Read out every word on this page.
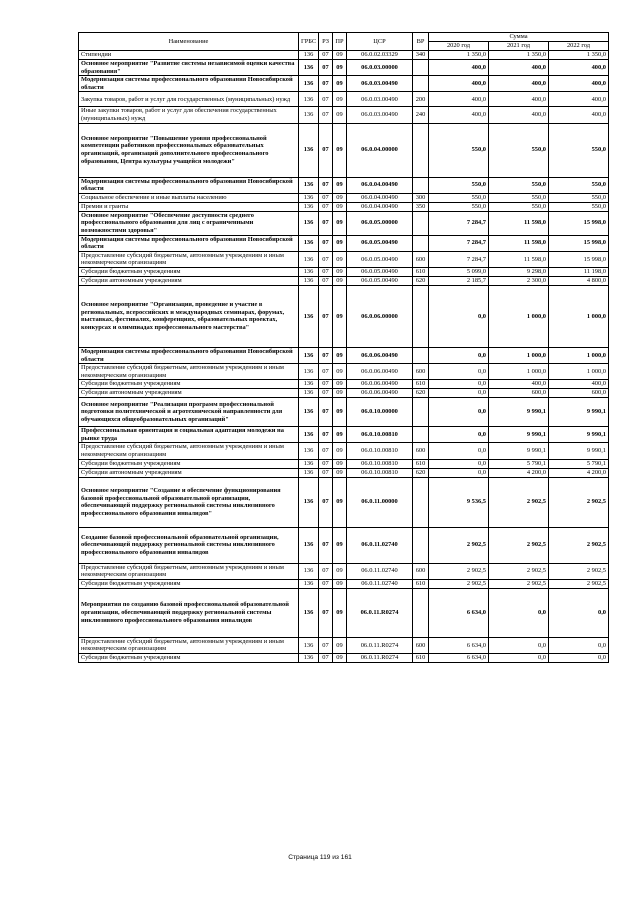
Наименование	ГРБС	РЗ	ПР	ЦСР	ВР	Сумма		
						2020 год	2021 год	2022 год
Стипендии	136	07	09	06.0.02.03329	340	1 350,0	1 350,0	1 350,0
Основное мероприятие "Развитие системы независимой оценки качества образования"	136	07	09	06.0.03.00000		400,0	400,0	400,0
Модернизация системы профессионального образования Новосибирской области	136	07	09	06.0.03.00490		400,0	400,0	400,0
Закупка товаров, работ и услуг для государственных (муниципальных) нужд	136	07	09	06.0.03.00490	200	400,0	400,0	400,0
Иные закупки товаров, работ и услуг для обеспечения государственных (муниципальных) нужд	136	07	09	06.0.03.00490	240	400,0	400,0	400,0
Основное мероприятие "Повышение уровня профессиональной компетенции работников профессиональных образовательных организаций, организаций дополнительного профессионального образования, Центра культуры учащейся молодежи"	136	07	09	06.0.04.00000		550,0	550,0	550,0
Модернизация системы профессионального образования Новосибирской области	136	07	09	06.0.04.00490		550,0	550,0	550,0
Социальное обеспечение и иные выплаты населению	136	07	09	06.0.04.00490	300	550,0	550,0	550,0
Премии и гранты	136	07	09	06.0.04.00490	350	550,0	550,0	550,0
Основное мероприятие "Обеспечение доступности среднего профессионального образования для лиц с ограниченными возможностями здоровья"	136	07	09	06.0.05.00000		7 284,7	11 598,0	15 998,0
Модернизация системы профессионального образования Новосибирской области	136	07	09	06.0.05.00490		7 284,7	11 598,0	15 998,0
Предоставление субсидий бюджетным, автономным учреждениям и иным некоммерческим организациям	136	07	09	06.0.05.00490	600	7 284,7	11 598,0	15 998,0
Субсидии бюджетным учреждениям	136	07	09	06.0.05.00490	610	5 099,0	9 298,0	11 198,0
Субсидии автономным учреждениям	136	07	09	06.0.05.00490	620	2 185,7	2 300,0	4 800,0
Основное мероприятие "Организация, проведение и участие в региональных, всероссийских и международных семинарах, форумах, выставках, фестивалях, конференциях, образовательных проектах, конкурсах и олимпиадах профессионального мастерства"	136	07	09	06.0.06.00000		0,0	1 000,0	1 000,0
Модернизация системы профессионального образования Новосибирской области	136	07	09	06.0.06.00490		0,0	1 000,0	1 000,0
Предоставление субсидий бюджетным, автономным учреждениям и иным некоммерческим организациям	136	07	09	06.0.06.00490	600	0,0	1 000,0	1 000,0
Субсидии бюджетным учреждениям	136	07	09	06.0.06.00490	610	0,0	400,0	400,0
Субсидии автономным учреждениям	136	07	09	06.0.06.00490	620	0,0	600,0	600,0
Основное мероприятие "Реализация программ профессиональной подготовки политехнической и агротехнической направленности для обучающихся общеобразовательных организаций"	136	07	09	06.0.10.00000		0,0	9 990,1	9 990,1
Профессиональная ориентация и социальная адаптация молодежи на рынке труда	136	07	09	06.0.10.00810		0,0	9 990,1	9 990,1
Предоставление субсидий бюджетным, автономным учреждениям и иным некоммерческим организациям	136	07	09	06.0.10.00810	600	0,0	9 990,1	9 990,1
Субсидии бюджетным учреждениям	136	07	09	06.0.10.00810	610	0,0	5 790,1	5 790,1
Субсидии автономным учреждениям	136	07	09	06.0.10.00810	620	0,0	4 200,0	4 200,0
Основное мероприятие "Создание и обеспечение функционирования базовой профессиональной образовательной организации, обеспечивающей поддержку региональной системы инклюзивного профессионального образования инвалидов"	136	07	09	06.0.11.00000		9 536,5	2 902,5	2 902,5
Создание базовой профессиональной образовательной организации, обеспечивающей поддержку региональной системы инклюзивного профессионального образования инвалидов	136	07	09	06.0.11.02740		2 902,5	2 902,5	2 902,5
Предоставление субсидий бюджетным, автономным учреждениям и иным некоммерческим организациям	136	07	09	06.0.11.02740	600	2 902,5	2 902,5	2 902,5
Субсидии бюджетным учреждениям	136	07	09	06.0.11.02740	610	2 902,5	2 902,5	2 902,5
Мероприятия по созданию базовой профессиональной образовательной организации, обеспечивающей поддержку региональной системы инклюзивного профессионального образования инвалидов	136	07	09	06.0.11.R0274		6 634,0	0,0	0,0
Предоставление субсидий бюджетным, автономным учреждениям и иным некоммерческим организациям	136	07	09	06.0.11.R0274	600	6 634,0	0,0	0,0
Субсидии бюджетным учреждениям	136	07	09	06.0.11.R0274	610	6 634,0	0,0	0,0
Страница 119 из 161
